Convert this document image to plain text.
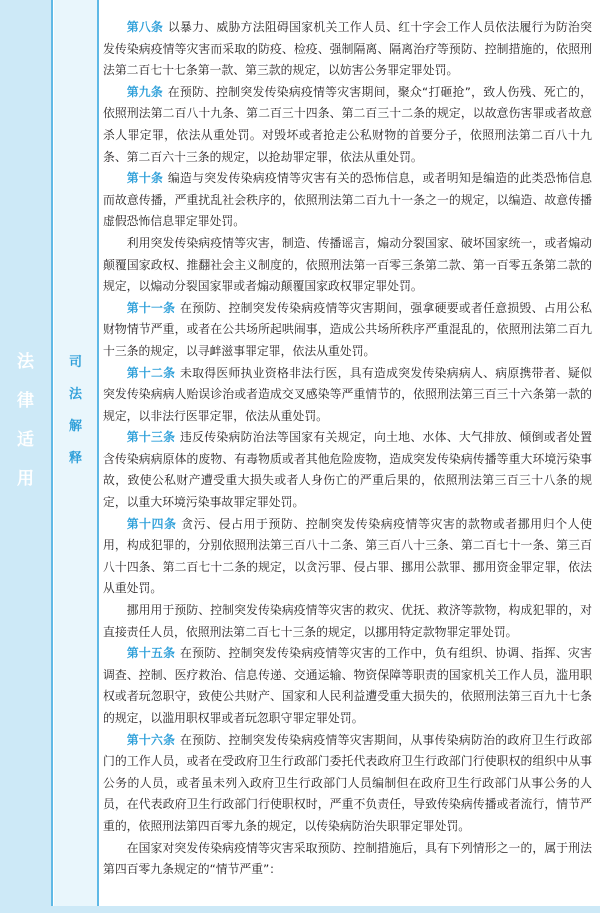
法
律
适
用
司
法
解
释

第八条 以暴力、威胁方法阻碍国家机关工作人员、红十字会工作人员依法履行为防治突发传染病疫情等灾害而采取的防疫、检疫、强制隔离、隔离治疗等预防、控制措施的，依照刑法第二百七十七条第一款、第三款的规定，以妨害公务罪定罪处罚。

第九条 在预防、控制突发传染病疫情等灾害期间，聚众“打砸抢”，致人伤残、死亡的，依照刑法第二百八十九条、第二百三十四条、第二百三十二条的规定，以故意伤害罪或者故意杀人罪定罪，依法从重处罚。对毁坏或者抢走公私财物的首要分子，依照刑法第二百八十九条、第二百六十三条的规定，以抢劫罪定罪，依法从重处罚。

第十条 编造与突发传染病疫情等灾害有关的恐怖信息，或者明知是编造的此类恐怖信息而故意传播，严重扰乱社会秩序的，依照刑法第二百九十一条之一的规定，以编造、故意传播虚假恐怖信息罪定罪处罚。

利用突发传染病疫情等灾害，制造、传播谣言，煽动分裂国家、破坏国家统一，或者煽动颠覆国家政权、推翻社会主义制度的，依照刑法第一百零三条第二款、第一百零五条第二款的规定，以煽动分裂国家罪或者煽动颠覆国家政权罪定罪处罚。

第十一条 在预防、控制突发传染病疫情等灾害期间，强拿硬要或者任意损毁、占用公私财物情节严重，或者在公共场所起哄闹事，造成公共场所秩序严重混乱的，依照刑法第二百九十三条的规定，以寻衅滋事罪定罪，依法从重处罚。

第十二条 未取得医师执业资格非法行医，具有造成突发传染病病人、病原携带者、疑似突发传染病病人贻误诊治或者造成交叉感染等严重情节的，依照刑法第三百三十六条第一款的规定，以非法行医罪定罪，依法从重处罚。

第十三条 违反传染病防治法等国家有关规定，向土地、水体、大气排放、倾倒或者处置含传染病病原体的废物、有毒物质或者其他危险废物，造成突发传染病传播等重大环境污染事故，致使公私财产遭受重大损失或者人身伤亡的严重后果的，依照刑法第三百三十八条的规定，以重大环境污染事故罪定罪处罚。

第十四条 贪污、侵占用于预防、控制突发传染病疫情等灾害的款物或者挪用归个人使用，构成犯罪的，分别依照刑法第三百八十二条、第三百八十三条、第二百七十一条、第三百八十四条、第二百七十二条的规定，以贪污罪、侵占罪、挪用公款罪、挪用资金罪定罪，依法从重处罚。

挪用用于预防、控制突发传染病疫情等灾害的救灾、优抚、救济等款物，构成犯罪的，对直接责任人员，依照刑法第二百七十三条的规定，以挪用特定款物罪定罪处罚。

第十五条 在预防、控制突发传染病疫情等灾害的工作中，负有组织、协调、指挥、灾害调查、控制、医疗救治、信息传递、交通运输、物资保障等职责的国家机关工作人员，滥用职权或者玩忽职守，致使公共财产、国家和人民利益遭受重大损失的，依照刑法第三百九十七条的规定，以滥用职权罪或者玩忽职守罪定罪处罚。

第十六条 在预防、控制突发传染病疫情等灾害期间，从事传染病防治的政府卫生行政部门的工作人员，或者在受政府卫生行政部门委托代表政府卫生行政部门行使职权的组织中从事公务的人员，或者虽未列入政府卫生行政部门人员编制但在政府卫生行政部门从事公务的人员，在代表政府卫生行政部门行使职权时，严重不负责任，导致传染病传播或者流行，情节严重的，依照刑法第四百零九条的规定，以传染病防治失职罪定罪处罚。

在国家对突发传染病疫情等灾害采取预防、控制措施后，具有下列情形之一的，属于刑法第四百零九条规定的“情节严重”：
